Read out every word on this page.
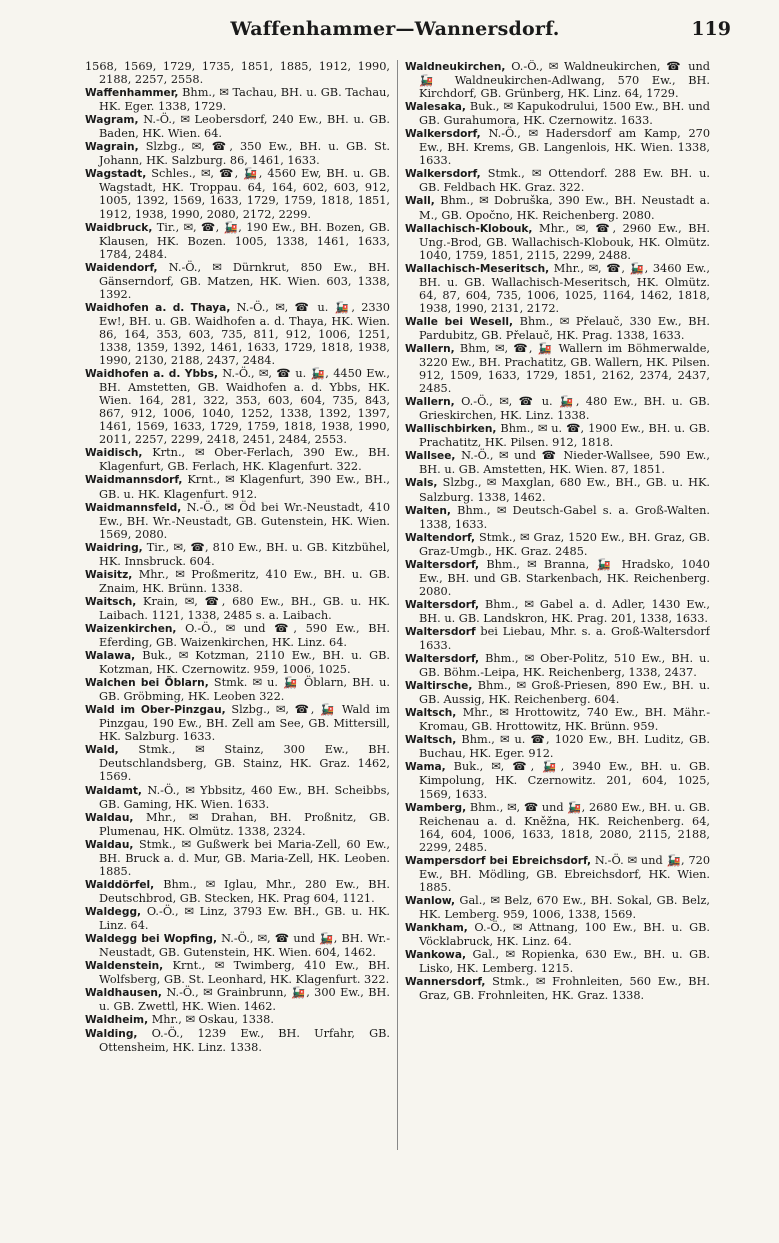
Waffenhammer—Wannersdorf.	119

1568, 1569, 1729, 1735, 1851, 1885, 1912, 1990, 2188, 2257, 2558.

Waffenhammer, Bhm., ✉ Tachau, BH. u. GB. Tachau, HK. Eger. 1338, 1729.

Wagram, N.-Ö., ✉ Leobersdorf, 240 Ew., BH. u. GB. Baden, HK. Wien. 64.

Wagrain, Slzbg., ✉, ☎, 350 Ew., BH. u. GB. St. Johann, HK. Salzburg. 86, 1461, 1633.

Wagstadt, Schles., ✉, ☎, 🚂, 4560 Ew, BH. u. GB. Wagstadt, HK. Troppau. 64, 164, 602, 603, 912, 1005, 1392, 1569, 1633, 1729, 1759, 1818, 1851, 1912, 1938, 1990, 2080, 2172, 2299.

Waidbruck, Tir., ✉, ☎, 🚂, 190 Ew., BH. Bozen, GB. Klausen, HK. Bozen. 1005, 1338, 1461, 1633, 1784, 2484.

Waidendorf, N.-Ö., ✉ Dürnkrut, 850 Ew., BH. Gänserndorf, GB. Matzen, HK. Wien. 603, 1338, 1392.

Waidhofen a. d. Thaya, N.-Ö., ✉, ☎ u. 🚂, 2330 Ew!, BH. u. GB. Waidhofen a. d. Thaya, HK. Wien. 86, 164, 353, 603, 735, 811, 912, 1006, 1251, 1338, 1359, 1392, 1461, 1633, 1729, 1818, 1938, 1990, 2130, 2188, 2437, 2484.

Waidhofen a. d. Ybbs, N.-Ö., ✉, ☎ u. 🚂, 4450 Ew., BH. Amstetten, GB. Waidhofen a. d. Ybbs, HK. Wien. 164, 281, 322, 353, 603, 604, 735, 843, 867, 912, 1006, 1040, 1252, 1338, 1392, 1397, 1461, 1569, 1633, 1729, 1759, 1818, 1938, 1990, 2011, 2257, 2299, 2418, 2451, 2484, 2553.

Waidisch, Krtn., ✉ Ober-Ferlach, 390 Ew., BH. Klagenfurt, GB. Ferlach, HK. Klagenfurt. 322.

Waidmannsdorf, Krnt., ✉ Klagenfurt, 390 Ew., BH., GB. u. HK. Klagenfurt. 912.

Waidmannsfeld, N.-Ö., ✉ Öd bei Wr.-Neustadt, 410 Ew., BH. Wr.-Neustadt, GB. Gutenstein, HK. Wien. 1569, 2080.

Waidring, Tir., ✉, ☎, 810 Ew., BH. u. GB. Kitzbühel, HK. Innsbruck. 604.

Waisitz, Mhr., ✉ Proßmeritz, 410 Ew., BH. u. GB. Znaim, HK. Brünn. 1338.

Waitsch, Krain, ✉, ☎, 680 Ew., BH., GB. u. HK. Laibach. 1121, 1338, 2485 s. a. Laibach.

Waizenkirchen, O.-Ö., ✉ und ☎, 590 Ew., BH. Eferding, GB. Waizenkirchen, HK. Linz. 64.

Walawa, Buk., ✉ Kotzman, 2110 Ew., BH. u. GB. Kotzman, HK. Czernowitz. 959, 1006, 1025.

Walchen bei Öblarn, Stmk. ✉ u. 🚂 Öblarn, BH. u. GB. Gröbming, HK. Leoben 322.

Wald im Ober-Pinzgau, Slzbg., ✉, ☎, 🚂 Wald im Pinzgau, 190 Ew., BH. Zell am See, GB. Mittersill, HK. Salzburg. 1633.

Wald, Stmk., ✉ Stainz, 300 Ew., BH. Deutschlandsberg, GB. Stainz, HK. Graz. 1462, 1569.

Waldamt, N.-Ö., ✉ Ybbsitz, 460 Ew., BH. Scheibbs, GB. Gaming, HK. Wien. 1633.

Waldau, Mhr., ✉ Drahan, BH. Proßnitz, GB. Plumenau, HK. Olmütz. 1338, 2324.

Waldau, Stmk., ✉ Gußwerk bei Maria-Zell, 60 Ew., BH. Bruck a. d. Mur, GB. Maria-Zell, HK. Leoben. 1885.

Walddörfel, Bhm., ✉ Iglau, Mhr., 280 Ew., BH. Deutschbrod, GB. Stecken, HK. Prag 604, 1121.

Waldegg, O.-Ö., ✉ Linz, 3793 Ew. BH., GB. u. HK. Linz. 64.

Waldegg bei Wopfing, N.-Ö., ✉, ☎ und 🚂, BH. Wr.-Neustadt, GB. Gutenstein, HK. Wien. 604, 1462.

Waldenstein, Krnt., ✉ Twimberg, 410 Ew., BH. Wolfsberg, GB. St. Leonhard, HK. Klagenfurt. 322.

Waldhausen, N.-Ö., ✉ Grainbrunn, 🚂, 300 Ew., BH. u. GB. Zwettl, HK. Wien. 1462.

Waldheim, Mhr., ✉ Oskau, 1338.

Walding, O.-Ö., 1239 Ew., BH. Urfahr, GB. Ottensheim, HK. Linz. 1338.

Waldneukirchen, O.-Ö., ✉ Waldneukirchen, ☎ und 🚂 Waldneukirchen-Adlwang, 570 Ew., BH. Kirchdorf, GB. Grünberg, HK. Linz. 64, 1729.

Walesaka, Buk., ✉ Kapukodrului, 1500 Ew., BH. und GB. Gurahumora, HK. Czernowitz. 1633.

Walkersdorf, N.-Ö., ✉ Hadersdorf am Kamp, 270 Ew., BH. Krems, GB. Langenlois, HK. Wien. 1338, 1633.

Walkersdorf, Stmk., ✉ Ottendorf. 288 Ew. BH. u. GB. Feldbach HK. Graz. 322.

Wall, Bhm., ✉ Dobruška, 390 Ew., BH. Neustadt a. M., GB. Opočno, HK. Reichenberg. 2080.

Wallachisch-Klobouk, Mhr., ✉, ☎, 2960 Ew., BH. Ung.-Brod, GB. Wallachisch-Klobouk, HK. Olmütz. 1040, 1759, 1851, 2115, 2299, 2488.

Wallachisch-Meseritsch, Mhr., ✉, ☎, 🚂, 3460 Ew., BH. u. GB. Wallachisch-Meseritsch, HK. Olmütz. 64, 87, 604, 735, 1006, 1025, 1164, 1462, 1818, 1938, 1990, 2131, 2172.

Walle bei Wesell, Bhm., ✉ Přelauč, 330 Ew., BH. Pardubitz, GB. Přelauč, HK. Prag. 1338, 1633.

Wallern, Bhm, ✉, ☎, 🚂 Wallern im Böhmerwalde, 3220 Ew., BH. Prachatitz, GB. Wallern, HK. Pilsen. 912, 1509, 1633, 1729, 1851, 2162, 2374, 2437, 2485.

Wallern, O.-Ö., ✉, ☎ u. 🚂, 480 Ew., BH. u. GB. Grieskirchen, HK. Linz. 1338.

Wallischbirken, Bhm., ✉ u. ☎, 1900 Ew., BH. u. GB. Prachatitz, HK. Pilsen. 912, 1818.

Wallsee, N.-Ö., ✉ und ☎ Nieder-Wallsee, 590 Ew., BH. u. GB. Amstetten, HK. Wien. 87, 1851.

Wals, Slzbg., ✉ Maxglan, 680 Ew., BH., GB. u. HK. Salzburg. 1338, 1462.

Walten, Bhm., ✉ Deutsch-Gabel s. a. Groß-Walten. 1338, 1633.

Waltendorf, Stmk., ✉ Graz, 1520 Ew., BH. Graz, GB. Graz-Umgb., HK. Graz. 2485.

Waltersdorf, Bhm., ✉ Branna, 🚂 Hradsko, 1040 Ew., BH. und GB. Starkenbach, HK. Reichenberg. 2080.

Waltersdorf, Bhm., ✉ Gabel a. d. Adler, 1430 Ew., BH. u. GB. Landskron, HK. Prag. 201, 1338, 1633.

Waltersdorf bei Liebau, Mhr. s. a. Groß-Waltersdorf 1633.

Waltersdorf, Bhm., ✉ Ober-Politz, 510 Ew., BH. u. GB. Böhm.-Leipa, HK. Reichenberg, 1338, 2437.

Waltirsche, Bhm., ✉ Groß-Priesen, 890 Ew., BH. u. GB. Aussig, HK. Reichenberg. 604.

Waltsch, Mhr., ✉ Hrottowitz, 740 Ew., BH. Mähr.-Kromau, GB. Hrottowitz, HK. Brünn. 959.

Waltsch, Bhm., ✉ u. ☎, 1020 Ew., BH. Luditz, GB. Buchau, HK. Eger. 912.

Wama, Buk., ✉, ☎, 🚂, 3940 Ew., BH. u. GB. Kimpolung, HK. Czernowitz. 201, 604, 1025, 1569, 1633.

Wamberg, Bhm., ✉, ☎ und 🚂, 2680 Ew., BH. u. GB. Reichenau a. d. Kněžna, HK. Reichenberg. 64, 164, 604, 1006, 1633, 1818, 2080, 2115, 2188, 2299, 2485.

Wampersdorf bei Ebreichsdorf, N.-Ö. ✉ und 🚂, 720 Ew., BH. Mödling, GB. Ebreichsdorf, HK. Wien. 1885.

Wanlow, Gal., ✉ Belz, 670 Ew., BH. Sokal, GB. Belz, HK. Lemberg. 959, 1006, 1338, 1569.

Wankham, O.-Ö., ✉ Attnang, 100 Ew., BH. u. GB. Vöcklabruck, HK. Linz. 64.

Wankowa, Gal., ✉ Ropienka, 630 Ew., BH. u. GB. Lisko, HK. Lemberg. 1215.

Wannersdorf, Stmk., ✉ Frohnleiten, 560 Ew., BH. Graz, GB. Frohnleiten, HK. Graz. 1338.
